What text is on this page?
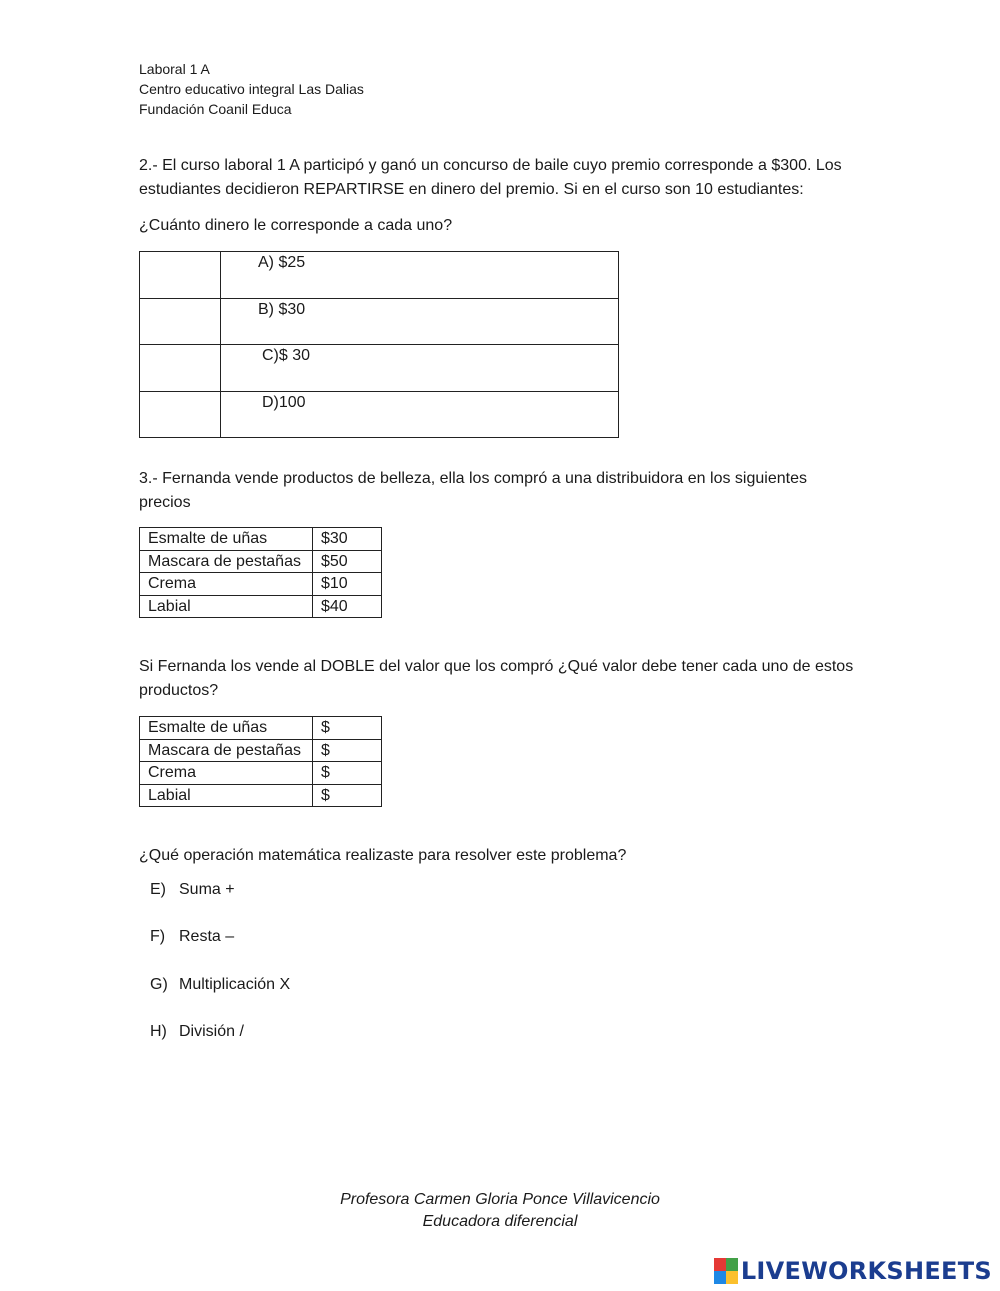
Laboral 1 A
Centro educativo integral Las Dalias
Fundación Coanil Educa
2.- El curso laboral 1 A participó y ganó un concurso de baile cuyo premio corresponde a $300. Los estudiantes decidieron REPARTIRSE en dinero del premio. Si en el curso son 10 estudiantes:
¿Cuánto dinero le corresponde a cada uno?
	A) $25
	B) $30
	C)$ 30
	D)100
3.- Fernanda vende productos de belleza, ella los compró a una distribuidora en los siguientes precios
Esmalte de uñas	$30
Mascara de pestañas	$50
Crema	$10
Labial	$40
Si Fernanda los vende al DOBLE del valor que los compró ¿Qué valor debe tener cada uno de estos productos?
Esmalte de uñas	$
Mascara de pestañas	$
Crema	$
Labial	$
¿Qué operación matemática realizaste para resolver este problema?
E) Suma +
F) Resta –
G) Multiplicación X
H) División /
Profesora Carmen Gloria Ponce Villavicencio
Educadora diferencial
LIVEWORKSHEETS
